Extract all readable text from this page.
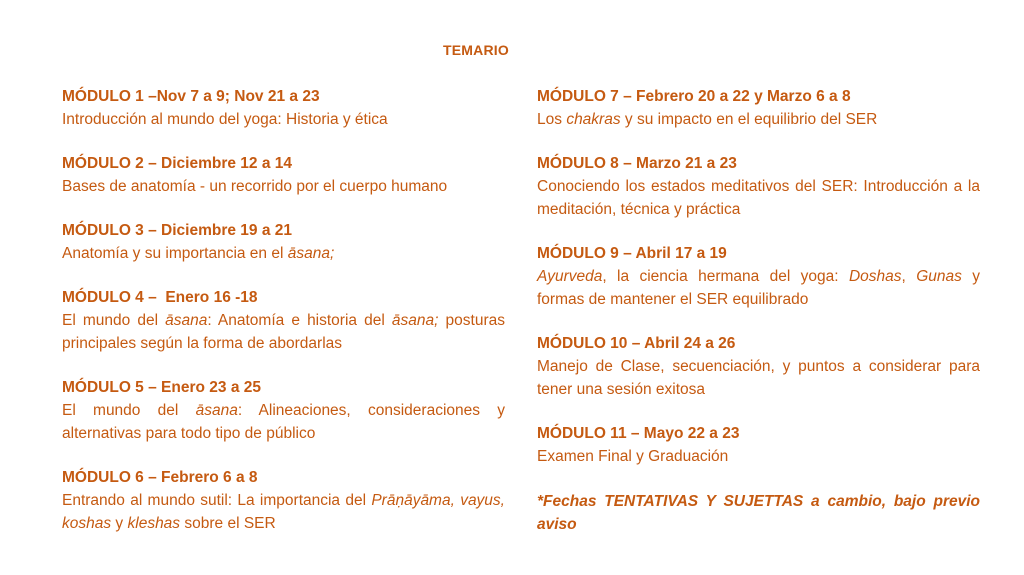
TEMARIO
MÓDULO 1 –Nov 7 a 9; Nov 21 a 23
Introducción al mundo del yoga: Historia y ética
MÓDULO 2 – Diciembre 12 a 14
Bases de anatomía - un recorrido por el cuerpo humano
MÓDULO 3 – Diciembre 19 a 21
Anatomía y su importancia en el āsana;
MÓDULO 4 –  Enero 16 -18
El mundo del āsana: Anatomía e historia del āsana; posturas principales según la forma de abordarlas
MÓDULO 5 – Enero 23 a 25
El mundo del āsana: Alineaciones, consideraciones y alternativas para todo tipo de público
MÓDULO 6 – Febrero 6 a 8
Entrando al mundo sutil: La importancia del Prāṇāyāma, vayus, koshas y kleshas sobre el SER
MÓDULO 7 – Febrero 20 a 22 y Marzo 6 a 8
Los chakras y su impacto en el equilibrio del SER
MÓDULO 8 – Marzo 21 a 23
Conociendo los estados meditativos del SER: Introducción a la meditación, técnica y práctica
MÓDULO 9 – Abril 17 a 19
Ayurveda, la ciencia hermana del yoga: Doshas, Gunas y formas de mantener el SER equilibrado
MÓDULO 10 – Abril 24 a 26
Manejo de Clase, secuenciación, y puntos a considerar para tener una sesión exitosa
MÓDULO 11 – Mayo 22 a 23
Examen Final y Graduación
*Fechas TENTATIVAS Y SUJETTAS a cambio, bajo previo aviso
